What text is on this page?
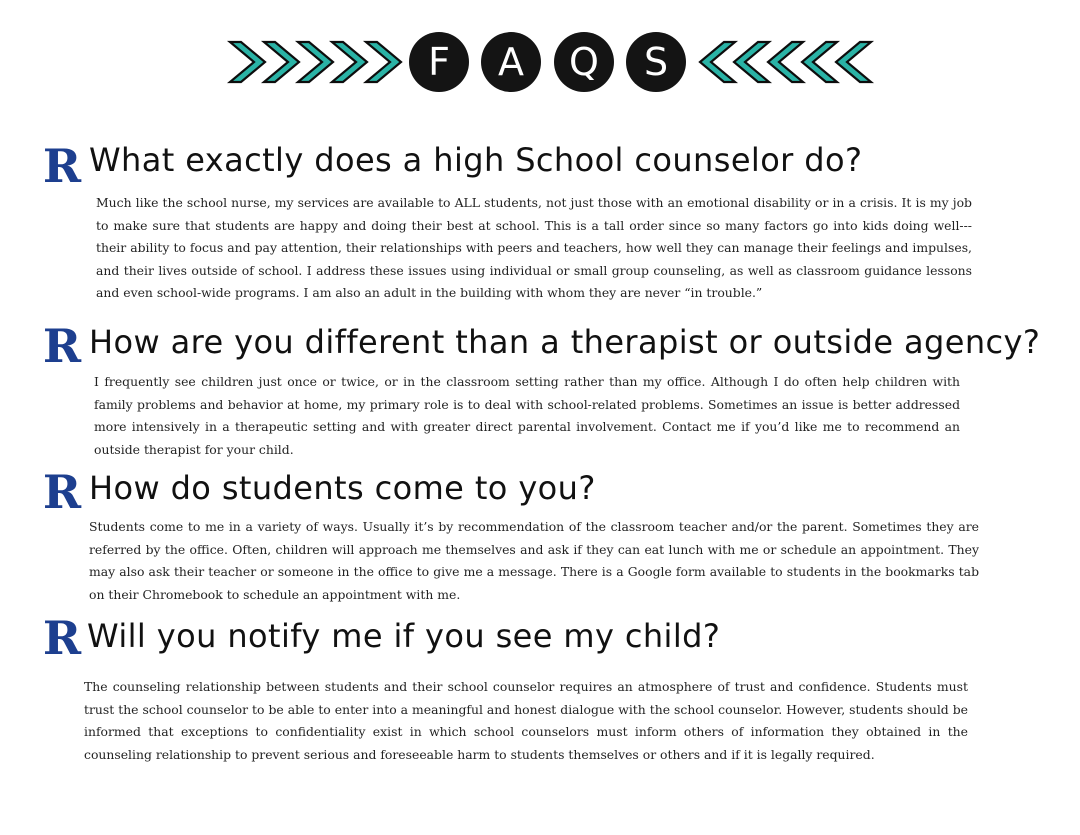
F A Q S
R What exactly does a high School counselor do?

Much like the school nurse, my services are available to ALL students, not just those with an emotional disability or in a crisis. It is my job to make sure that students are happy and doing their best at school. This is a tall order since so many factors go into kids doing well---their ability to focus and pay attention, their relationships with peers and teachers, how well they can manage their feelings and impulses, and their lives outside of school. I address these issues using individual or small group counseling, as well as classroom guidance lessons and even school-wide programs. I am also an adult in the building with whom they are never “in trouble.”

R How are you different than a therapist or outside agency?

I frequently see children just once or twice, or in the classroom setting rather than my office. Although I do often help children with family problems and behavior at home, my primary role is to deal with school-related problems. Sometimes an issue is better addressed more intensively in a therapeutic setting and with greater direct parental involvement. Contact me if you’d like me to recommend an outside therapist for your child.

R How do students come to you?

Students come to me in a variety of ways. Usually it’s by recommendation of the classroom teacher and/or the parent. Sometimes they are referred by the office. Often, children will approach me themselves and ask if they can eat lunch with me or schedule an appointment. They may also ask their teacher or someone in the office to give me a message. There is a Google form available to students in the bookmarks tab on their Chromebook to schedule an appointment with me.

R Will you notify me if you see my child?

The counseling relationship between students and their school counselor requires an atmosphere of trust and confidence. Students must trust the school counselor to be able to enter into a meaningful and honest dialogue with the school counselor. However, students should be informed that exceptions to confidentiality exist in which school counselors must inform others of information they obtained in the counseling relationship to prevent serious and foreseeable harm to students themselves or others and if it is legally required.
